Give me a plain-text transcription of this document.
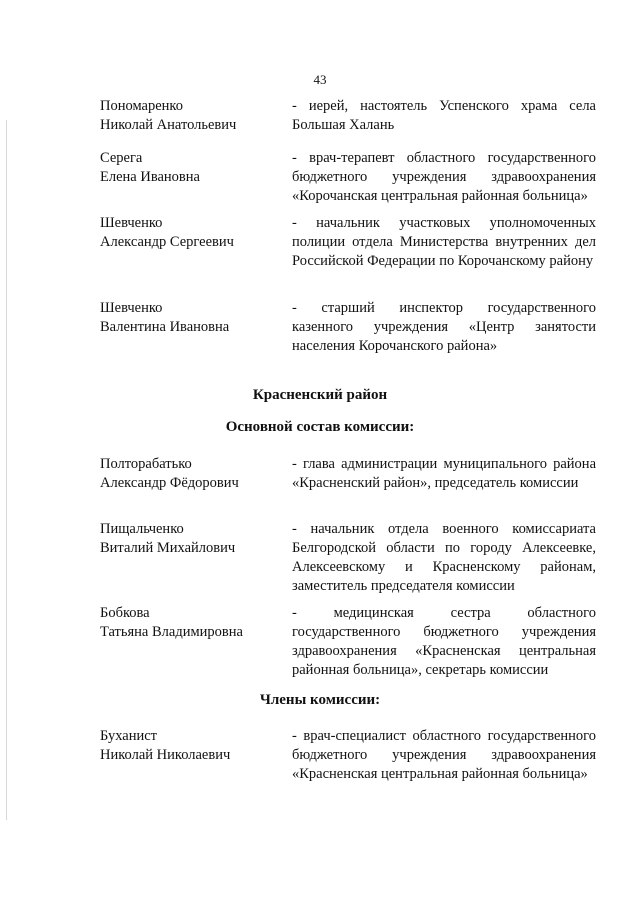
43
Пономаренко
Николай Анатольевич
- иерей, настоятель Успенского храма села Большая Халань
Серега
Елена Ивановна
- врач-терапевт областного государственного бюджетного учреждения здравоохранения «Корочанская центральная районная больница»
Шевченко
Александр Сергеевич
- начальник участковых уполномоченных полиции отдела Министерства внутренних дел Российской Федерации по Корочанскому району
Шевченко
Валентина Ивановна
- старший инспектор государственного казенного учреждения «Центр занятости населения Корочанского района»
Красненский район
Основной состав комиссии:
Полторабатько
Александр Фёдорович
- глава администрации муниципального района «Красненский район», председатель комиссии
Пищальченко
Виталий Михайлович
- начальник отдела военного комиссариата Белгородской области по городу Алексеевке, Алексеевскому и Красненскому районам, заместитель председателя комиссии
Бобкова
Татьяна Владимировна
- медицинская сестра областного государственного бюджетного учреждения здравоохранения «Красненская центральная районная больница», секретарь комиссии
Члены комиссии:
Буханист
Николай Николаевич
- врач-специалист областного государственного бюджетного учреждения здравоохранения «Красненская центральная районная больница»
